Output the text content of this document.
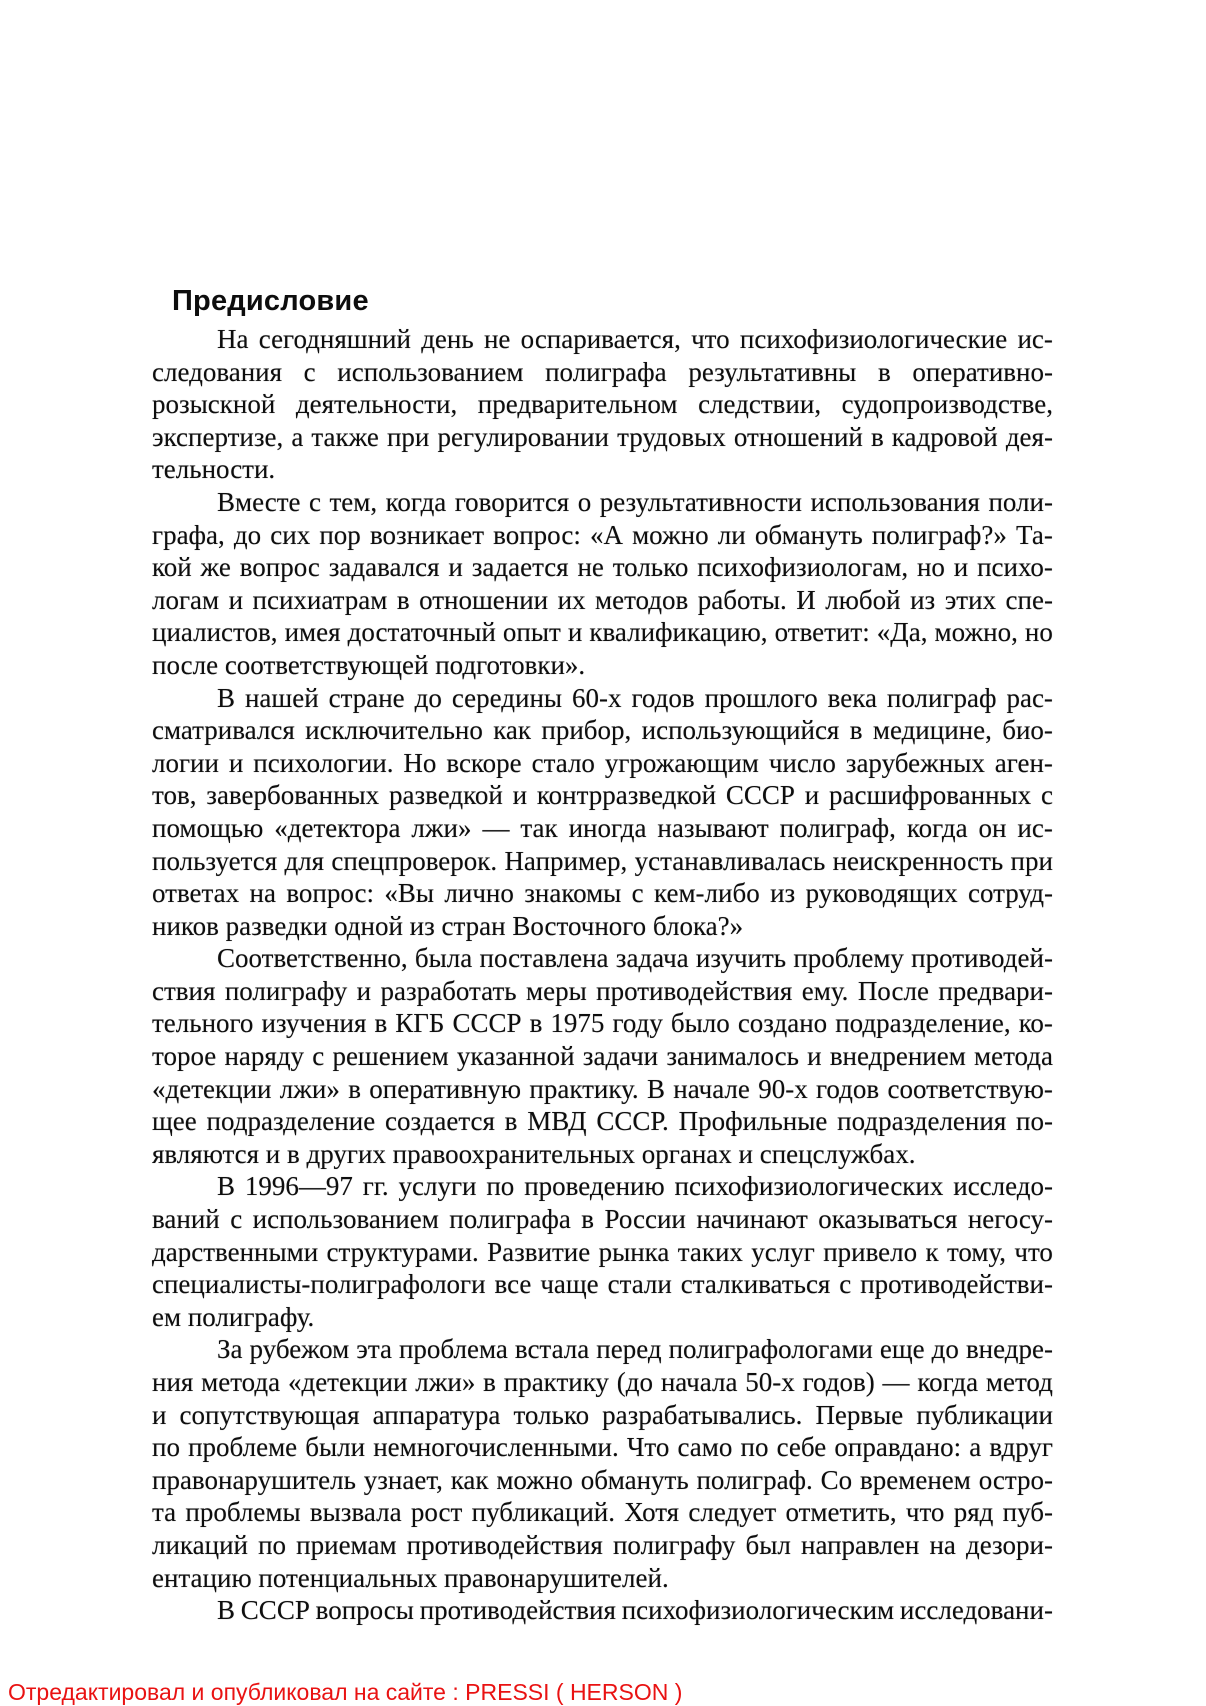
Предисловие
На сегодняшний день не оспаривается, что психофизиологические ис-
следования с использованием полиграфа результативны в оперативно-
розыскной деятельности, предварительном следствии, судопроизводстве,
экспертизе, а также при регулировании трудовых отношений в кадровой дея-
тельности.
Вместе с тем, когда говорится о результативности использования поли-
графа, до сих пор возникает вопрос: «А можно ли обмануть полиграф?» Та-
кой же вопрос задавался и задается не только психофизиологам, но и психо-
логам и психиатрам в отношении их методов работы. И любой из этих спе-
циалистов, имея достаточный опыт и квалификацию, ответит: «Да, можно, но
после соответствующей подготовки».
В нашей стране до середины 60-х годов прошлого века полиграф рас-
сматривался исключительно как прибор, использующийся в медицине, био-
логии и психологии. Но вскоре стало угрожающим число зарубежных аген-
тов, завербованных разведкой и контрразведкой СССР и расшифрованных с
помощью «детектора лжи» — так иногда называют полиграф, когда он ис-
пользуется для спецпроверок. Например, устанавливалась неискренность при
ответах на вопрос: «Вы лично знакомы с кем-либо из руководящих сотруд-
ников разведки одной из стран Восточного блока?»
Соответственно, была поставлена задача изучить проблему противодей-
ствия полиграфу и разработать меры противодействия ему. После предвари-
тельного изучения в КГБ СССР в 1975 году было создано подразделение, ко-
торое наряду с решением указанной задачи занималось и внедрением метода
«детекции лжи» в оперативную практику. В начале 90-х годов соответствую-
щее подразделение создается в МВД СССР. Профильные подразделения по-
являются и в других правоохранительных органах и спецслужбах.
В 1996—97 гг. услуги по проведению психофизиологических исследо-
ваний с использованием полиграфа в России начинают оказываться негосу-
дарственными структурами. Развитие рынка таких услуг привело к тому, что
специалисты-полиграфологи все чаще стали сталкиваться с противодействи-
ем полиграфу.
За рубежом эта проблема встала перед полиграфологами еще до внедре-
ния метода «детекции лжи» в практику (до начала 50-х годов) — когда метод
и сопутствующая аппаратура только разрабатывались. Первые публикации
по проблеме были немногочисленными. Что само по себе оправдано: а вдруг
правонарушитель узнает, как можно обмануть полиграф. Со временем остро-
та проблемы вызвала рост публикаций. Хотя следует отметить, что ряд пуб-
ликаций по приемам противодействия полиграфу был направлен на дезори-
ентацию потенциальных правонарушителей.
В СССР вопросы противодействия психофизиологическим исследовани-
Отредактировал и опубликовал на сайте : PRESSI ( HERSON )
